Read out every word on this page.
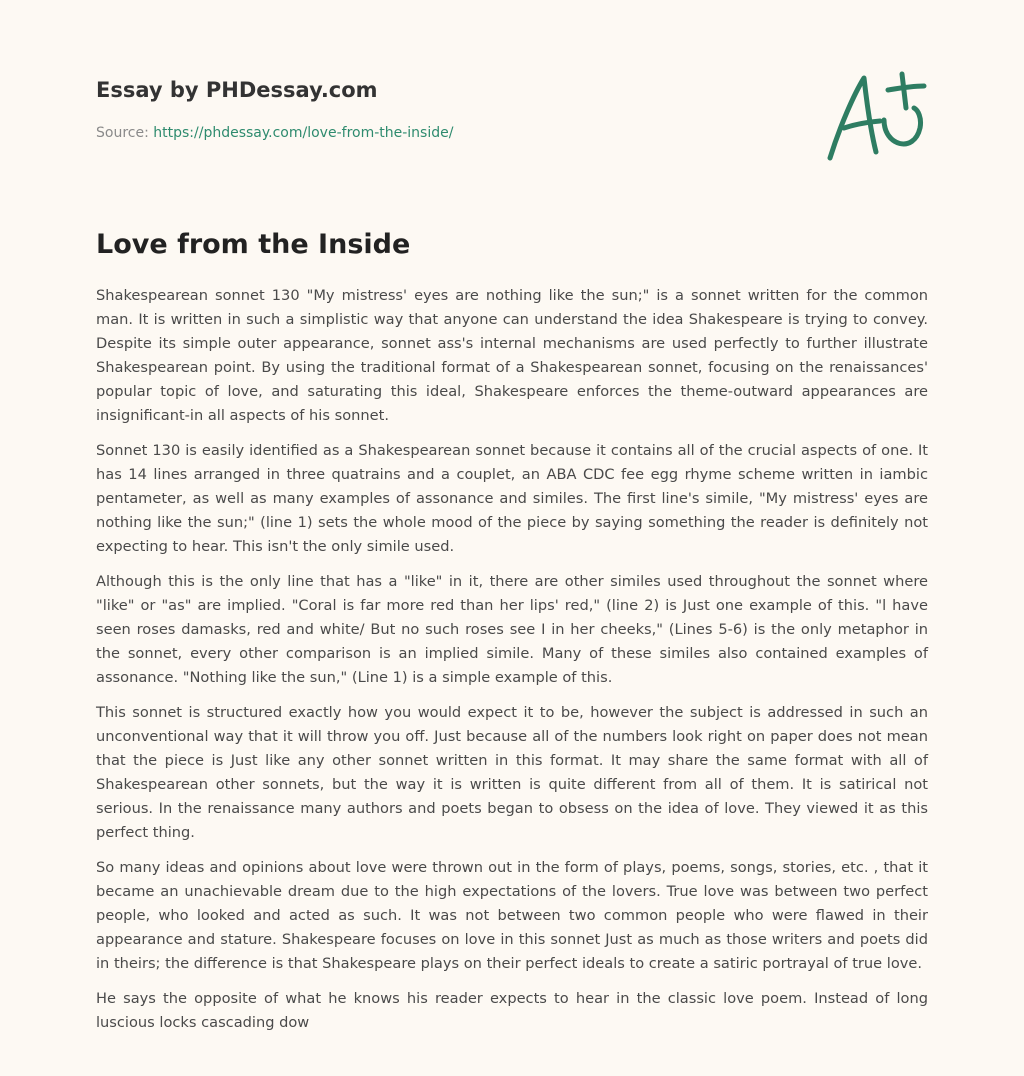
Essay by PHDessay.com
Source: https://phdessay.com/love-from-the-inside/
Love from the Inside

Shakespearean sonnet 130 "My mistress' eyes are nothing like the sun;" is a sonnet written for the common man. It is written in such a simplistic way that anyone can understand the idea Shakespeare is trying to convey. Despite its simple outer appearance, sonnet ass's internal mechanisms are used perfectly to further illustrate Shakespearean point. By using the traditional format of a Shakespearean sonnet, focusing on the renaissances' popular topic of love, and saturating this ideal, Shakespeare enforces the theme-outward appearances are insignificant-in all aspects of his sonnet.

Sonnet 130 is easily identified as a Shakespearean sonnet because it contains all of the crucial aspects of one. It has 14 lines arranged in three quatrains and a couplet, an ABA CDC fee egg rhyme scheme written in iambic pentameter, as well as many examples of assonance and similes. The first line's simile, "My mistress' eyes are nothing like the sun;" (line 1) sets the whole mood of the piece by saying something the reader is definitely not expecting to hear. This isn't the only simile used.

Although this is the only line that has a "like" in it, there are other similes used throughout the sonnet where "like" or "as" are implied. "Coral is far more red than her lips' red," (line 2) is Just one example of this. "l have seen roses damasks, red and white/ But no such roses see I in her cheeks," (Lines 5-6) is the only metaphor in the sonnet, every other comparison is an implied simile. Many of these similes also contained examples of assonance. "Nothing like the sun," (Line 1) is a simple example of this.

This sonnet is structured exactly how you would expect it to be, however the subject is addressed in such an unconventional way that it will throw you off. Just because all of the numbers look right on paper does not mean that the piece is Just like any other sonnet written in this format. It may share the same format with all of Shakespearean other sonnets, but the way it is written is quite different from all of them. It is satirical not serious. In the renaissance many authors and poets began to obsess on the idea of love. They viewed it as this perfect thing.

So many ideas and opinions about love were thrown out in the form of plays, poems, songs, stories, etc. , that it became an unachievable dream due to the high expectations of the lovers. True love was between two perfect people, who looked and acted as such. It was not between two common people who were flawed in their appearance and stature. Shakespeare focuses on love in this sonnet Just as much as those writers and poets did in theirs; the difference is that Shakespeare plays on their perfect ideals to create a satiric portrayal of true love.

He says the opposite of what he knows his reader expects to hear in the classic love poem. Instead of long luscious locks cascading dow
